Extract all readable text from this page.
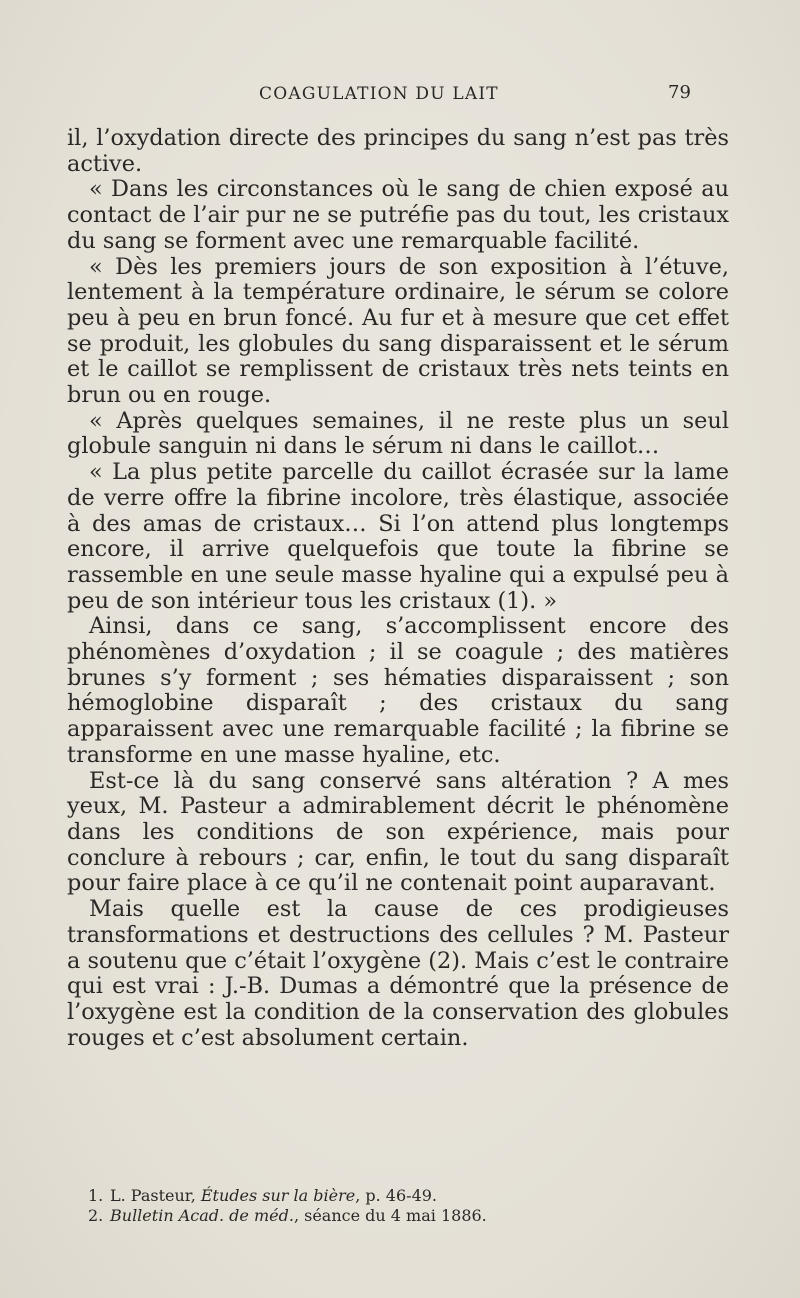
COAGULATION DU LAIT	79

il, l’oxydation directe des principes du sang n’est pas très active.

« Dans les circonstances où le sang de chien exposé au contact de l’air pur ne se putréfie pas du tout, les cristaux du sang se forment avec une remarquable facilité.

« Dès les premiers jours de son exposition à l’étuve, lentement à la température ordinaire, le sérum se colore peu à peu en brun foncé. Au fur et à mesure que cet effet se produit, les globules du sang disparaissent et le sérum et le caillot se remplissent de cristaux très nets teints en brun ou en rouge.

« Après quelques semaines, il ne reste plus un seul globule sanguin ni dans le sérum ni dans le caillot…

« La plus petite parcelle du caillot écrasée sur la lame de verre offre la fibrine incolore, très élastique, associée à des amas de cristaux… Si l’on attend plus longtemps encore, il arrive quelquefois que toute la fibrine se rassemble en une seule masse hyaline qui a expulsé peu à peu de son intérieur tous les cristaux (1). »

Ainsi, dans ce sang, s’accomplissent encore des phénomènes d’oxydation ; il se coagule ; des matières brunes s’y forment ; ses hématies disparaissent ; son hémoglobine disparaît ; des cristaux du sang apparaissent avec une remarquable facilité ; la fibrine se transforme en une masse hyaline, etc.

Est-ce là du sang conservé sans altération ? A mes yeux, M. Pasteur a admirablement décrit le phénomène dans les conditions de son expérience, mais pour conclure à rebours ; car, enfin, le tout du sang disparaît pour faire place à ce qu’il ne contenait point auparavant.

Mais quelle est la cause de ces prodigieuses transformations et destructions des cellules ? M. Pasteur a soutenu que c’était l’oxygène (2). Mais c’est le contraire qui est vrai : J.-B. Dumas a démontré que la présence de l’oxygène est la condition de la conservation des globules rouges et c’est absolument certain.

1. L. Pasteur, Études sur la bière, p. 46-49.

2. Bulletin Acad. de méd., séance du 4 mai 1886.
